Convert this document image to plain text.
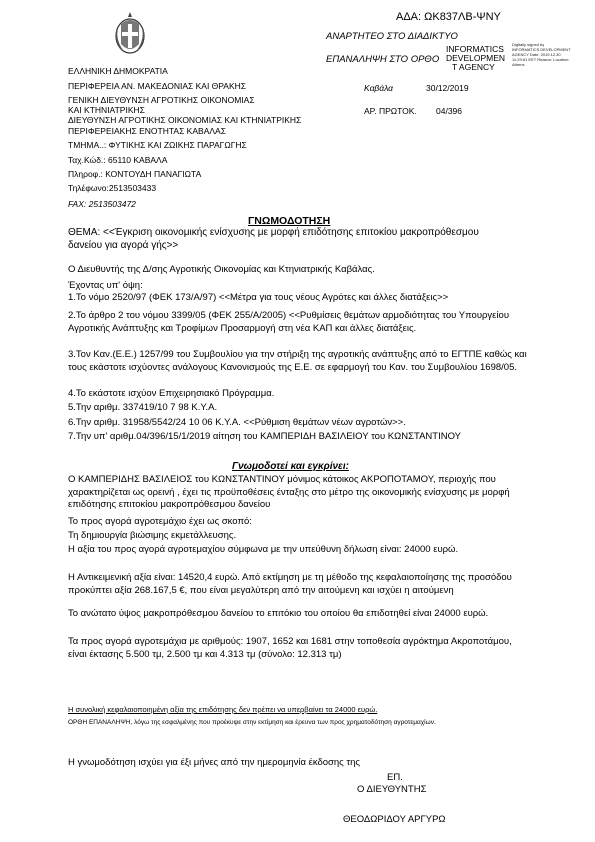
ΑΔΑ: ΩΚ837ΛΒ-ΨΝΥ
ΑΝΑΡΤΗΤΕΟ ΣΤΟ ΔΙΑΔΙΚΤΥΟ
ΕΠΑΝΑΛΗΨΗ ΣΤΟ ΟΡΘΟ
INFORMATICS
DEVELOPMEN
T AGENCY
Digitally signed by INFORMATICS DEVELOPMENT AGENCY Date: 2019.12.30 11:29:51 EET Reason: Location: Athens
ΕΛΛΗΝΙΚΗ ΔΗΜΟΚΡΑΤΙΑ
ΠΕΡΙΦΕΡΕΙΑ ΑΝ. ΜΑΚΕΔΟΝΙΑΣ ΚΑΙ ΘΡΑΚΗΣ
ΓΕΝΙΚΗ ΔΙΕΥΘΥΝΣΗ ΑΓΡΟΤΙΚΗΣ ΟΙΚΟΝΟΜΙΑΣ
ΚΑΙ ΚΤΗΝΙΑΤΡΙΚΗΣ
ΔΙΕΥΘΥΝΣΗ ΑΓΡΟΤΙΚΗΣ ΟΙΚΟΝΟΜΙΑΣ ΚΑΙ ΚΤΗΝΙΑΤΡΙΚΗΣ
ΠΕΡΙΦΕΡΕΙΑΚΗΣ ΕΝΟΤΗΤΑΣ ΚΑΒΑΛΑΣ
ΤΜΗΜΑ..: ΦΥΤΙΚΗΣ ΚΑΙ ΖΩΙΚΗΣ ΠΑΡΑΓΩΓΗΣ
Ταχ.Κώδ.: 65110 ΚΑΒΑΛΑ
Πληροφ.: ΚΟΝΤΟΥΔΗ ΠΑΝΑΓΙΩΤΑ
Τηλέφωνο:2513503433
FAX: 2513503472
Καβάλα	30/12/2019
ΑΡ. ΠΡΩΤΟΚ. 04/396
ΓΝΩΜΟΔΟΤΗΣΗ
ΘΕΜΑ: <<Έγκριση οικονομικής ενίσχυσης με μορφή επιδότησης επιτοκίου μακροπρόθεσμου δανείου για αγορά γής>>
Ο Διευθυντής της Δ/σης Αγροτικής Οικονομίας και Κτηνιατρικής Καβάλας.
Έχοντας υπ' όψη:
1.Το νόμο 2520/97 (ΦΕΚ 173/Α/97) <<Μέτρα για τους νέους Αγρότες και άλλες διατάξεις>>
2.Το άρθρο 2 του νόμου 3399/05 (ΦΕΚ 255/Α/2005) <<Ρυθμίσεις θεμάτων αρμοδιότητας του Υπουργείου Αγροτικής Ανάπτυξης και Τροφίμων Προσαρμογή στη νέα ΚΑΠ και άλλες διατάξεις.
3.Τον Καν.(Ε.Ε.) 1257/99 του Συμβουλίου για την στήριξη της αγροτικής ανάπτυξης από το ΕΓΤΠΕ καθώς και τους εκάστοτε ισχύοντες ανάλογους Κανονισμούς της Ε.Ε. σε εφαρμογή του Καν. του Συμβουλίου 1698/05.
4.Το εκάστοτε ισχύον Επιχειρησιακό Πρόγραμμα.
5.Την αριθμ. 337419/10 7 98 Κ.Υ.Α.
6.Την αριθμ. 31958/5542/24 10 06 Κ.Υ.Α. <<Ρύθμιση θεμάτων νέων αγροτών>>.
7.Την υπ' αριθμ.04/396/15/1/2019 αίτηση του ΚΑΜΠΕΡΙΔΗ ΒΑΣΙΛΕΙΟΥ του ΚΩΝΣΤΑΝΤΙΝΟΥ
Γνωμοδοτεί και εγκρίνει:
Ο ΚΑΜΠΕΡΙΔΗΣ ΒΑΣΙΛΕΙΟΣ του ΚΩΝΣΤΑΝΤΙΝΟΥ μόνιμος κάτοικος ΑΚΡΟΠΟΤΑΜΟΥ, περιοχής που χαρακτηρίζεται ως ορεινή , έχει τις προϋποθέσεις ένταξης στο μέτρο της οικονομικής ενίσχυσης με μορφή επιδότησης επιτοκίου μακροπρόθεσμου δανείου
Το προς αγορά αγροτεμάχιο έχει ως σκοπό:
Τη δημιουργία βιώσιμης εκμετάλλευσης.
Η αξία του προς αγορά αγροτεμαχίου σύμφωνα με την υπεύθυνη δήλωση είναι: 24000 ευρώ.
Η Αντικειμενική αξία είναι: 14520,4 ευρώ. Από εκτίμηση με τη μέθοδο της κεφαλαιοποίησης της προσόδου προκύπτει αξία 268.167,5 €, που είναι μεγαλύτερη από την αιτούμενη και ισχύει η αιτούμενη
Το ανώτατο ύψος μακροπρόθεσμου δανείου το επιτόκιο του οποίου θα επιδοτηθεί είναι 24000 ευρώ.
Τα προς αγορά αγροτεμάχια με αριθμούς: 1907, 1652 και 1681 στην τοποθεσία αγρόκτημα Ακροποτάμου, είναι έκτασης 5.500 τμ, 2.500 τμ και 4.313 τμ (σύνολο: 12.313 τμ)
Η συνολική κεφαλαιοποιημένη αξία της επιδότησης δεν πρέπει να υπερβαίνει τα 24000 ευρώ.
ΟΡΘΗ ΕΠΑΝΑΛΗΨΗ, λόγω της εσφαλμένης που προέκυψε στην εκτίμηση και έρευνα των προς χρηματοδότηση αγροτεμαχίων.
Η γνωμοδότηση ισχύει για έξι μήνες από την ημερομηνία έκδοσης της
ΕΠ.
Ο ΔΙΕΥΘΥΝΤΗΣ
ΘΕΟΔΩΡΙΔΟΥ ΑΡΓΥΡΩ
